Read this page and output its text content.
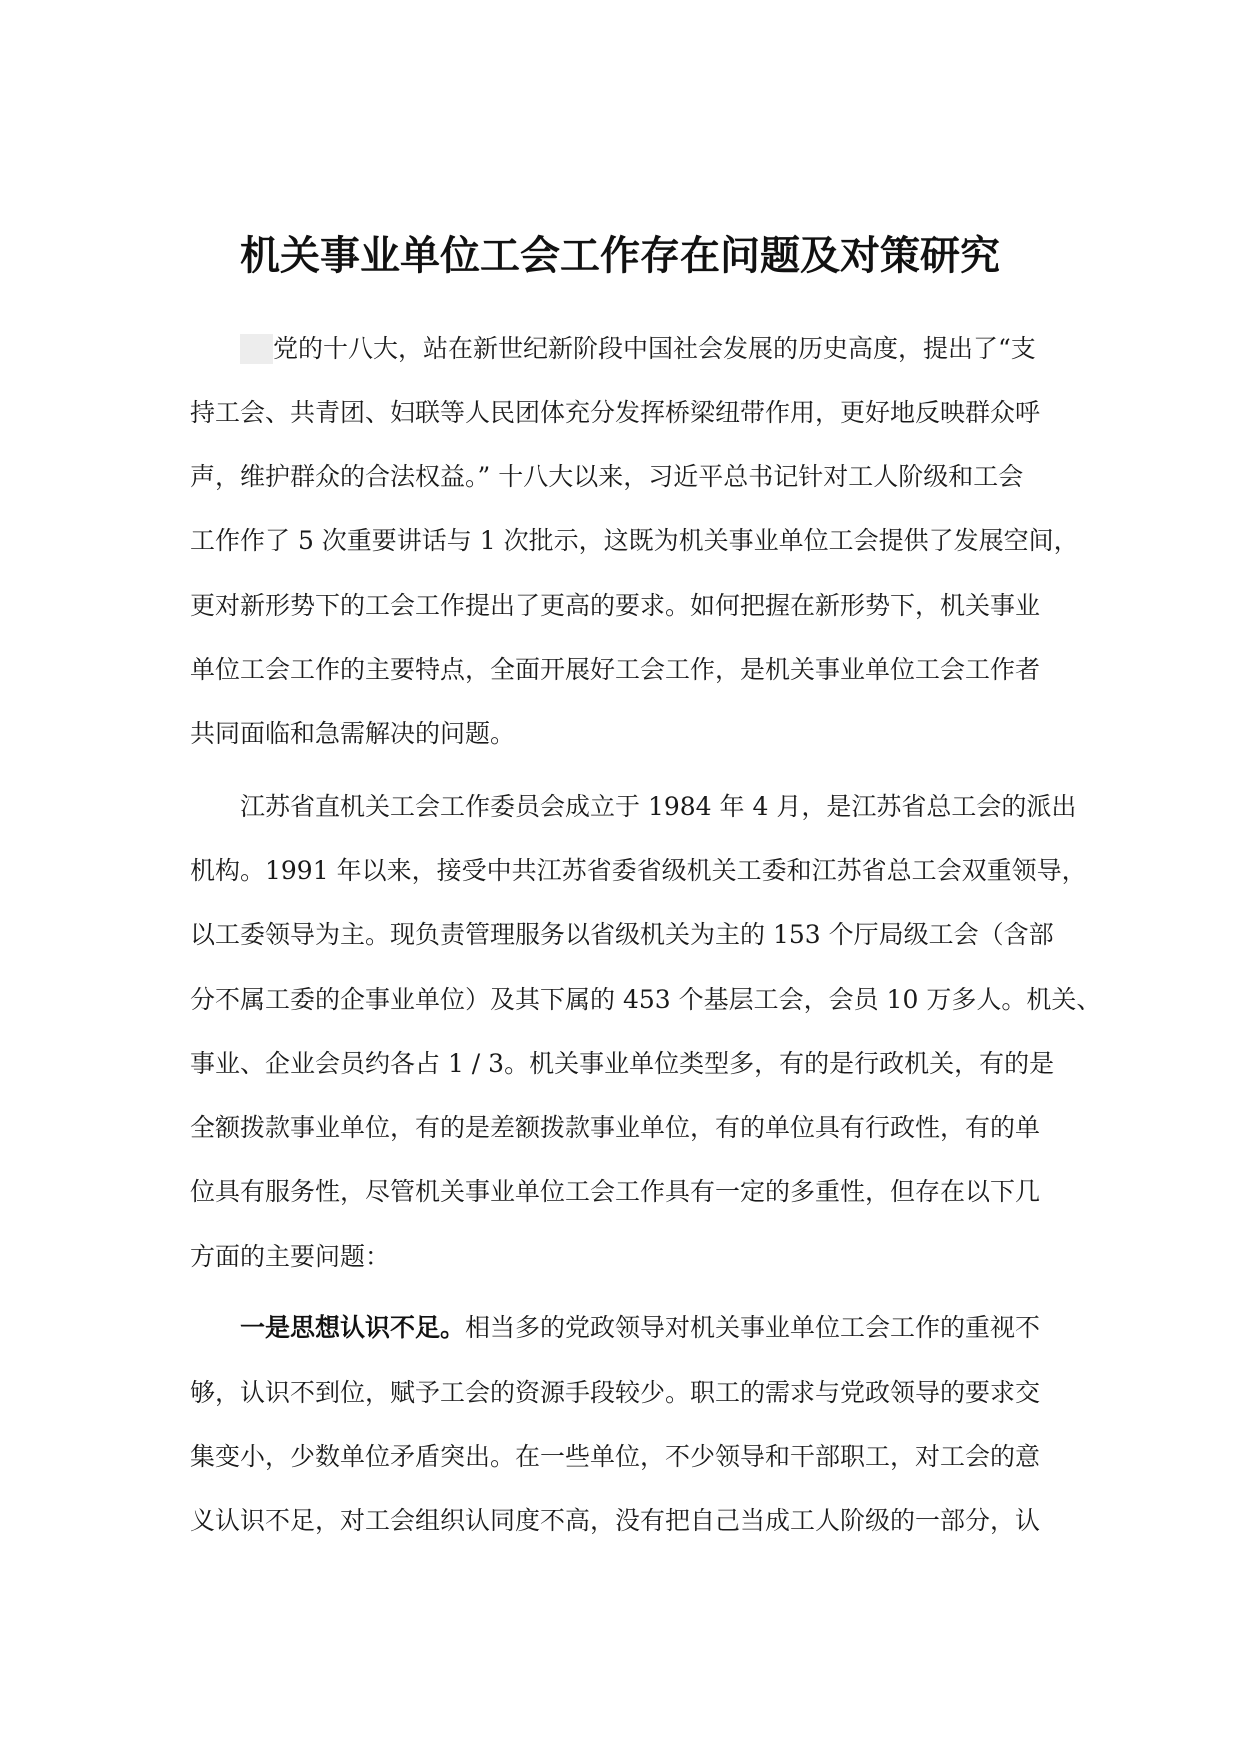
机关事业单位工会工作存在问题及对策研究

党的十八大，站在新世纪新阶段中国社会发展的历史高度，提出了“支

持工会、共青团、妇联等人民团体充分发挥桥梁纽带作用，更好地反映群众呼

声，维护群众的合法权益。” 十八大以来，习近平总书记针对工人阶级和工会

工作作了 5 次重要讲话与 1 次批示，这既为机关事业单位工会提供了发展空间，

更对新形势下的工会工作提出了更高的要求。如何把握在新形势下，机关事业

单位工会工作的主要特点，全面开展好工会工作，是机关事业单位工会工作者

共同面临和急需解决的问题。

江苏省直机关工会工作委员会成立于 1984 年 4 月，是江苏省总工会的派出

机构。1991 年以来，接受中共江苏省委省级机关工委和江苏省总工会双重领导，

以工委领导为主。现负责管理服务以省级机关为主的 153 个厅局级工会（含部

分不属工委的企事业单位）及其下属的 453 个基层工会，会员 10 万多人。机关、

事业、企业会员约各占 1 / 3。机关事业单位类型多，有的是行政机关，有的是

全额拨款事业单位，有的是差额拨款事业单位，有的单位具有行政性，有的单

位具有服务性，尽管机关事业单位工会工作具有一定的多重性，但存在以下几

方面的主要问题：

一是思想认识不足。相当多的党政领导对机关事业单位工会工作的重视不

够，认识不到位，赋予工会的资源手段较少。职工的需求与党政领导的要求交

集变小，少数单位矛盾突出。在一些单位，不少领导和干部职工，对工会的意

义认识不足，对工会组织认同度不高，没有把自己当成工人阶级的一部分，认
